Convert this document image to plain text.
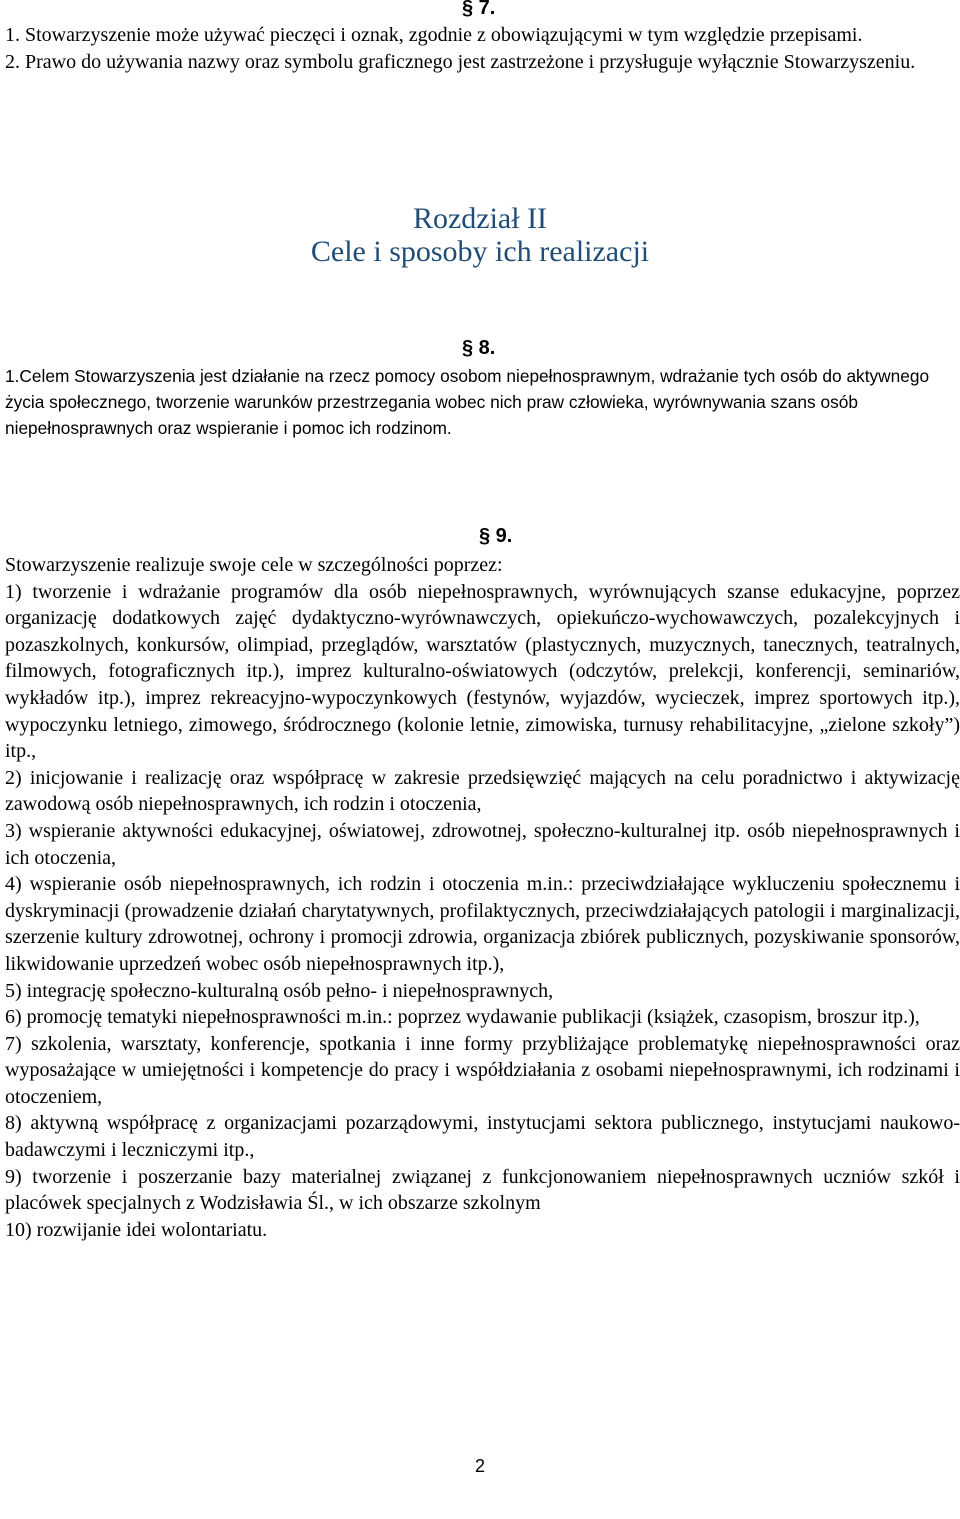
§ 7.
1. Stowarzyszenie może używać pieczęci i oznak, zgodnie z obowiązującymi w tym względzie przepisami.
2. Prawo do używania nazwy oraz symbolu graficznego jest zastrzeżone i przysługuje wyłącznie Stowarzyszeniu.
Rozdział II
Cele i sposoby ich realizacji
§ 8.
1.Celem Stowarzyszenia jest działanie na rzecz pomocy osobom niepełnosprawnym, wdrażanie tych osób do aktywnego życia społecznego, tworzenie warunków przestrzegania wobec nich praw człowieka, wyrównywania szans osób niepełnosprawnych oraz wspieranie i pomoc ich rodzinom.
§ 9.
Stowarzyszenie realizuje swoje cele w szczególności poprzez:
1) tworzenie i wdrażanie programów dla osób niepełnosprawnych, wyrównujących szanse edukacyjne, poprzez organizację dodatkowych zajęć dydaktyczno-wyrównawczych, opiekuńczo-wychowawczych, pozalekcyjnych i pozaszkolnych, konkursów, olimpiad, przeglądów, warsztatów (plastycznych, muzycznych, tanecznych, teatralnych, filmowych, fotograficznych itp.), imprez kulturalno-oświatowych (odczytów, prelekcji, konferencji, seminariów, wykładów itp.), imprez rekreacyjno-wypoczynkowych (festynów, wyjazdów, wycieczek, imprez sportowych itp.), wypoczynku letniego, zimowego, śródrocznego (kolonie letnie, zimowiska, turnusy rehabilitacyjne, „zielone szkoły”) itp.,
2) inicjowanie i realizację oraz współpracę w zakresie przedsięwzięć mających na celu poradnictwo i aktywizację zawodową osób niepełnosprawnych, ich rodzin i otoczenia,
3) wspieranie aktywności edukacyjnej, oświatowej, zdrowotnej, społeczno-kulturalnej itp. osób niepełnosprawnych i ich otoczenia,
4) wspieranie osób niepełnosprawnych, ich rodzin i otoczenia m.in.: przeciwdziałające wykluczeniu społecznemu i dyskryminacji (prowadzenie działań charytatywnych, profilaktycznych, przeciwdziałających patologii i marginalizacji, szerzenie kultury zdrowotnej, ochrony i promocji zdrowia, organizacja zbiórek publicznych, pozyskiwanie sponsorów, likwidowanie uprzedzeń wobec osób niepełnosprawnych itp.),
5) integrację społeczno-kulturalną osób pełno- i niepełnosprawnych,
6) promocję tematyki niepełnosprawności m.in.: poprzez wydawanie publikacji (książek, czasopism, broszur itp.),
7) szkolenia, warsztaty, konferencje, spotkania i inne formy przybliżające problematykę niepełnosprawności oraz wyposażające w umiejętności i kompetencje do pracy i współdziałania z osobami niepełnosprawnymi, ich rodzinami i otoczeniem,
8) aktywną współpracę z organizacjami pozarządowymi, instytucjami sektora publicznego, instytucjami naukowo-badawczymi i leczniczymi itp.,
9) tworzenie i poszerzanie bazy materialnej związanej z funkcjonowaniem niepełnosprawnych uczniów szkół i placówek specjalnych z Wodzisławia Śl., w ich obszarze szkolnym
10) rozwijanie idei wolontariatu.
2
